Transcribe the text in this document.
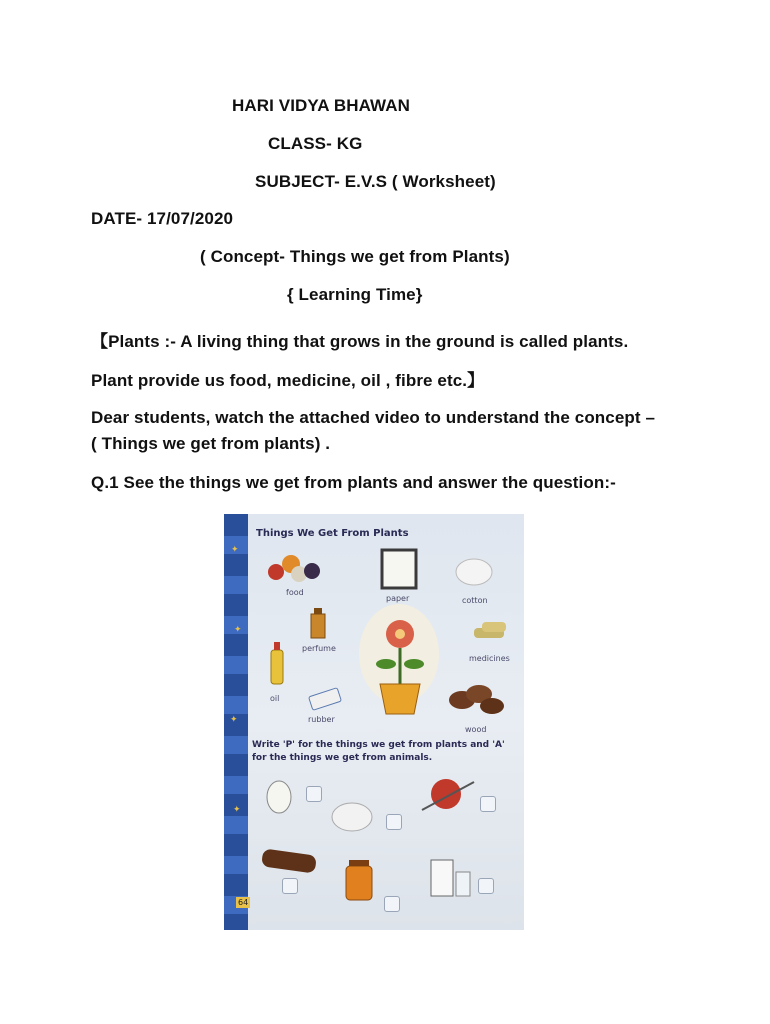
HARI VIDYA BHAWAN
CLASS- KG
SUBJECT- E.V.S ( Worksheet)
DATE- 17/07/2020
( Concept- Things we get from Plants)
{ Learning Time}
【Plants :- A living thing that grows in the ground is called plants.
Plant provide us food, medicine, oil , fibre etc.】
Dear students, watch the attached video to understand the concept –
( Things we get from plants) .
Q.1 See the things we get from plants and answer the question:-
✦
✦
✦
✦
Things We Get From Plants
food
paper	cotton
perfume
medicines
oil
rubber
wood
Write 'P' for the things we get from plants and 'A'
for the things we get from animals.
64
